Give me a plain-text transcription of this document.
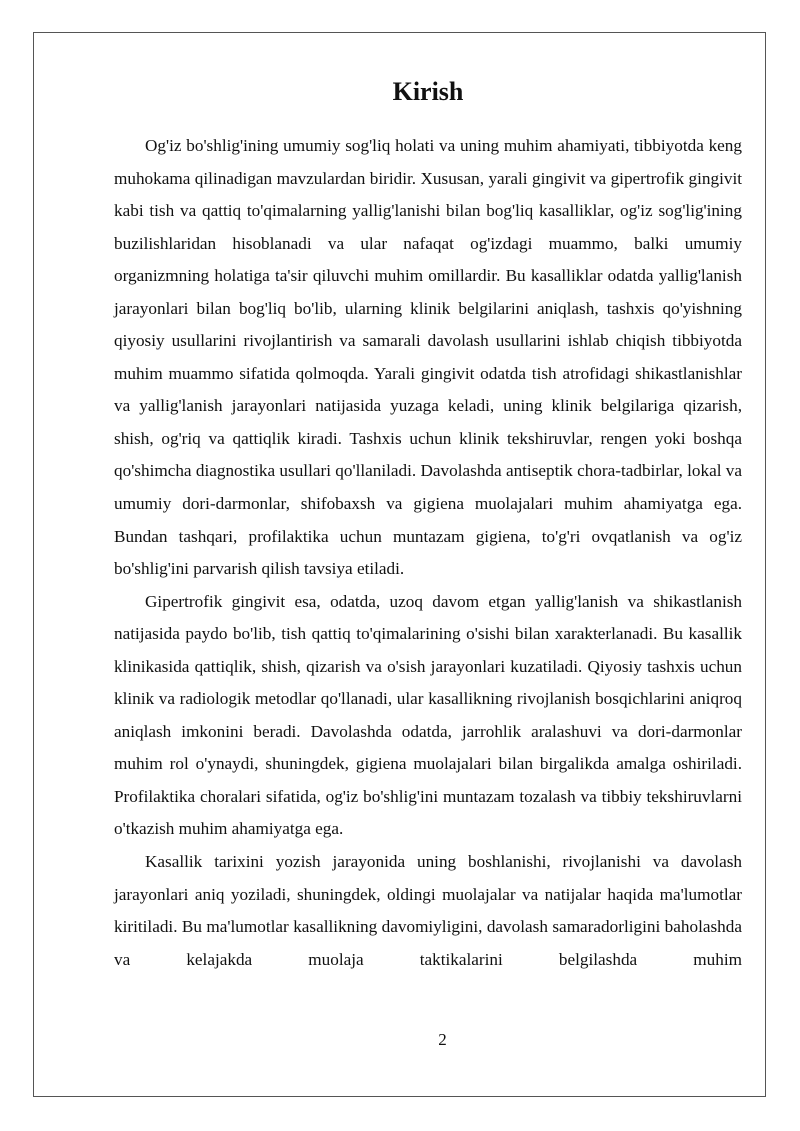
Kirish

Og'iz bo'shlig'ining umumiy sog'liq holati va uning muhim ahamiyati, tibbiyotda keng muhokama qilinadigan mavzulardan biridir. Xususan, yarali gingivit va gipertrofik gingivit kabi tish va qattiq to'qimalarning yallig'lanishi bilan bog'liq kasalliklar, og'iz sog'lig'ining buzilishlaridan hisoblanadi va ular nafaqat og'izdagi muammo, balki umumiy organizmning holatiga ta'sir qiluvchi muhim omillardir. Bu kasalliklar odatda yallig'lanish jarayonlari bilan bog'liq bo'lib, ularning klinik belgilarini aniqlash, tashxis qo'yishning qiyosiy usullarini rivojlantirish va samarali davolash usullarini ishlab chiqish tibbiyotda muhim muammo sifatida qolmoqda. Yarali gingivit odatda tish atrofidagi shikastlanishlar va yallig'lanish jarayonlari natijasida yuzaga keladi, uning klinik belgilariga qizarish, shish, og'riq va qattiqlik kiradi. Tashxis uchun klinik tekshiruvlar, rengen yoki boshqa qo'shimcha diagnostika usullari qo'llaniladi. Davolashda antiseptik chora-tadbirlar, lokal va umumiy dori-darmonlar, shifobaxsh va gigiena muolajalari muhim ahamiyatga ega. Bundan tashqari, profilaktika uchun muntazam gigiena, to'g'ri ovqatlanish va og'iz bo'shlig'ini parvarish qilish tavsiya etiladi.

Gipertrofik gingivit esa, odatda, uzoq davom etgan yallig'lanish va shikastlanish natijasida paydo bo'lib, tish qattiq to'qimalarining o'sishi bilan xarakterlanadi. Bu kasallik klinikasida qattiqlik, shish, qizarish va o'sish jarayonlari kuzatiladi. Qiyosiy tashxis uchun klinik va radiologik metodlar qo'llanadi, ular kasallikning rivojlanish bosqichlarini aniqroq aniqlash imkonini beradi. Davolashda odatda, jarrohlik aralashuvi va dori-darmonlar muhim rol o'ynaydi, shuningdek, gigiena muolajalari bilan birgalikda amalga oshiriladi. Profilaktika choralari sifatida, og'iz bo'shlig'ini muntazam tozalash va tibbiy tekshiruvlarni o'tkazish muhim ahamiyatga ega.

Kasallik tarixini yozish jarayonida uning boshlanishi, rivojlanishi va davolash jarayonlari aniq yoziladi, shuningdek, oldingi muolajalar va natijalar haqida ma'lumotlar kiritiladi. Bu ma'lumotlar kasallikning davomiyligini, davolash samaradorligini baholashda va kelajakda muolaja taktikalarini belgilashda muhim

2
